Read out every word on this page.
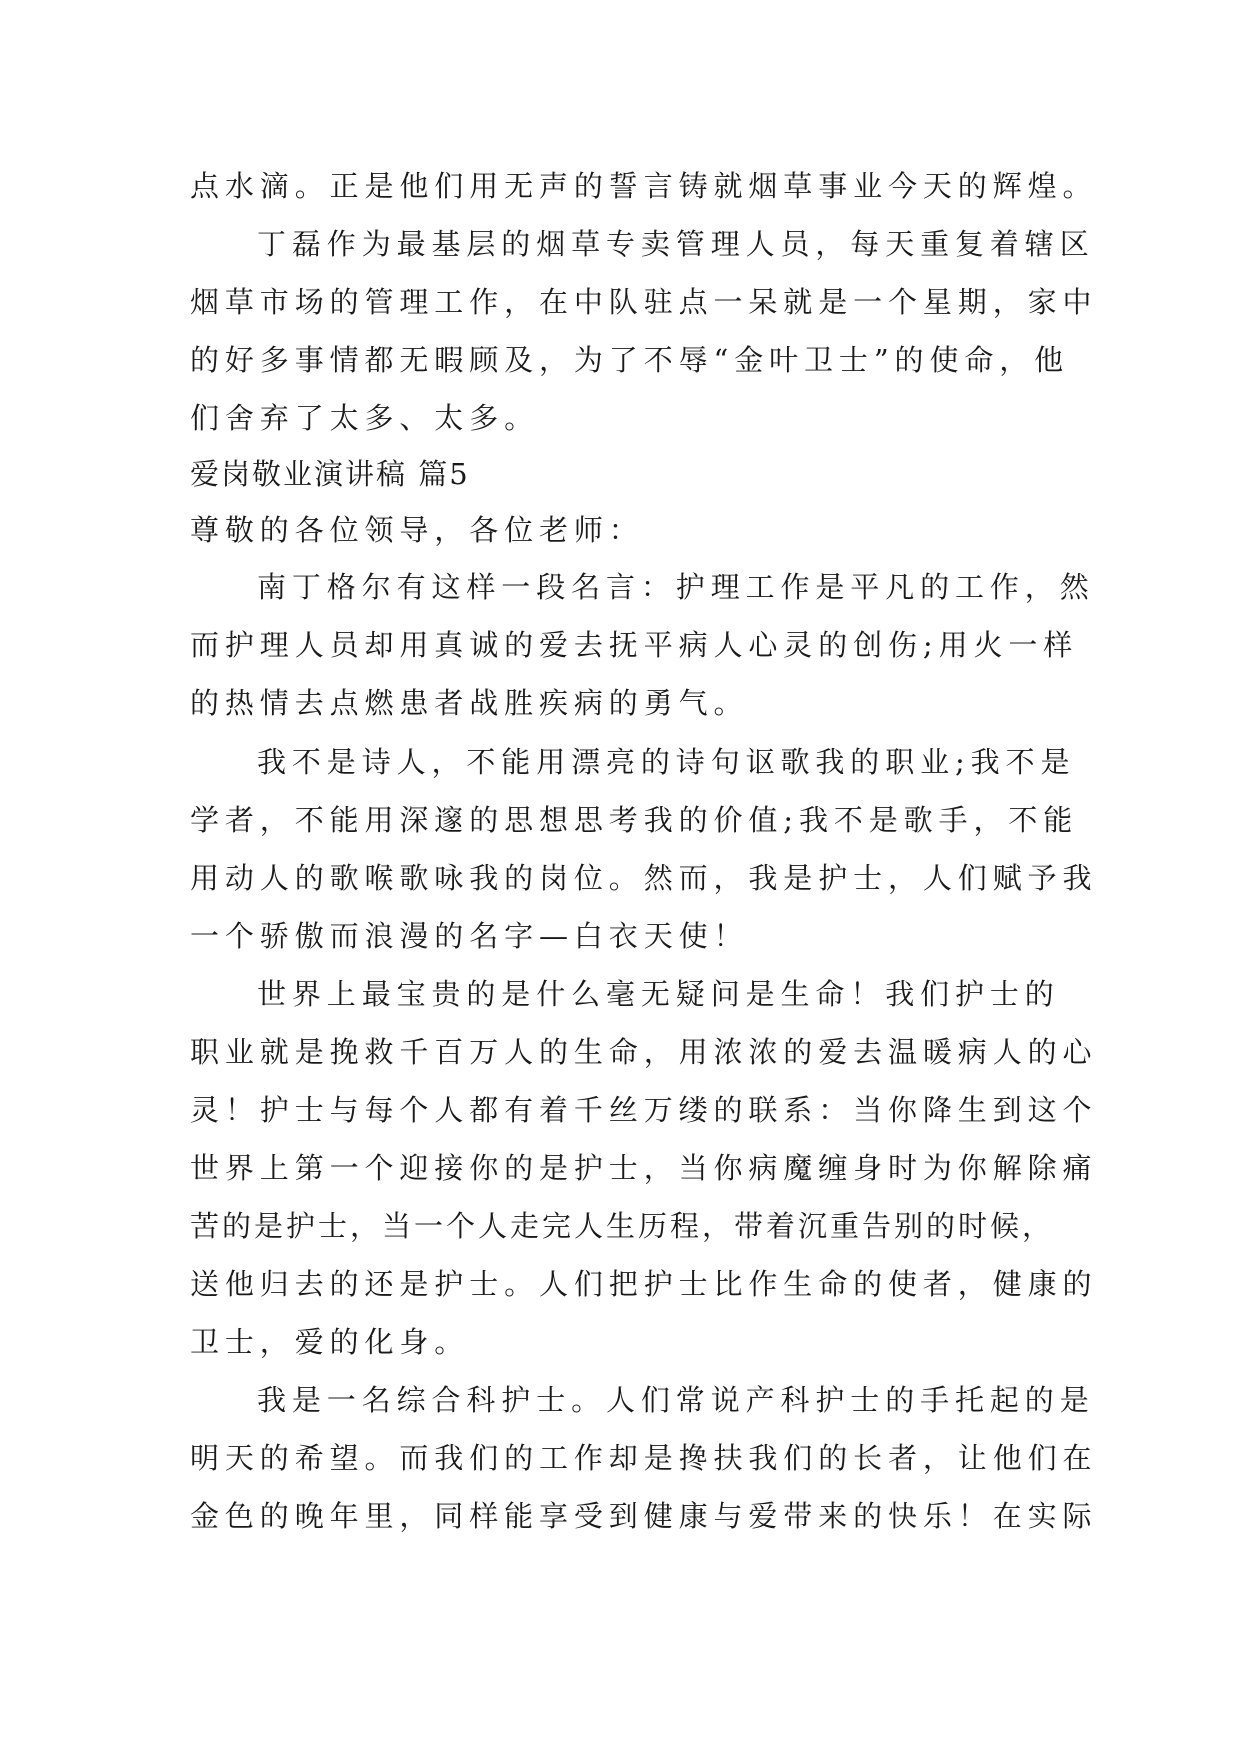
点水滴。正是他们用无声的誓言铸就烟草事业今天的辉煌。
丁磊作为最基层的烟草专卖管理人员，每天重复着辖区
烟草市场的管理工作，在中队驻点一呆就是一个星期，家中
的好多事情都无暇顾及，为了不辱“金叶卫士”的使命，他
们舍弃了太多、太多。
爱岗敬业演讲稿 篇5
尊敬的各位领导，各位老师：
南丁格尔有这样一段名言：护理工作是平凡的工作，然
而护理人员却用真诚的爱去抚平病人心灵的创伤;用火一样
的热情去点燃患者战胜疾病的勇气。
我不是诗人，不能用漂亮的诗句讴歌我的职业;我不是
学者，不能用深邃的思想思考我的价值;我不是歌手，不能
用动人的歌喉歌咏我的岗位。然而，我是护士，人们赋予我
一个骄傲而浪漫的名字—白衣天使！
世界上最宝贵的是什么毫无疑问是生命！我们护士的
职业就是挽救千百万人的生命，用浓浓的爱去温暖病人的心
灵！护士与每个人都有着千丝万缕的联系：当你降生到这个
世界上第一个迎接你的是护士，当你病魔缠身时为你解除痛
苦的是护士，当一个人走完人生历程，带着沉重告别的时候，
送他归去的还是护士。人们把护士比作生命的使者，健康的
卫士，爱的化身。
我是一名综合科护士。人们常说产科护士的手托起的是
明天的希望。而我们的工作却是搀扶我们的长者，让他们在
金色的晚年里，同样能享受到健康与爱带来的快乐！在实际
